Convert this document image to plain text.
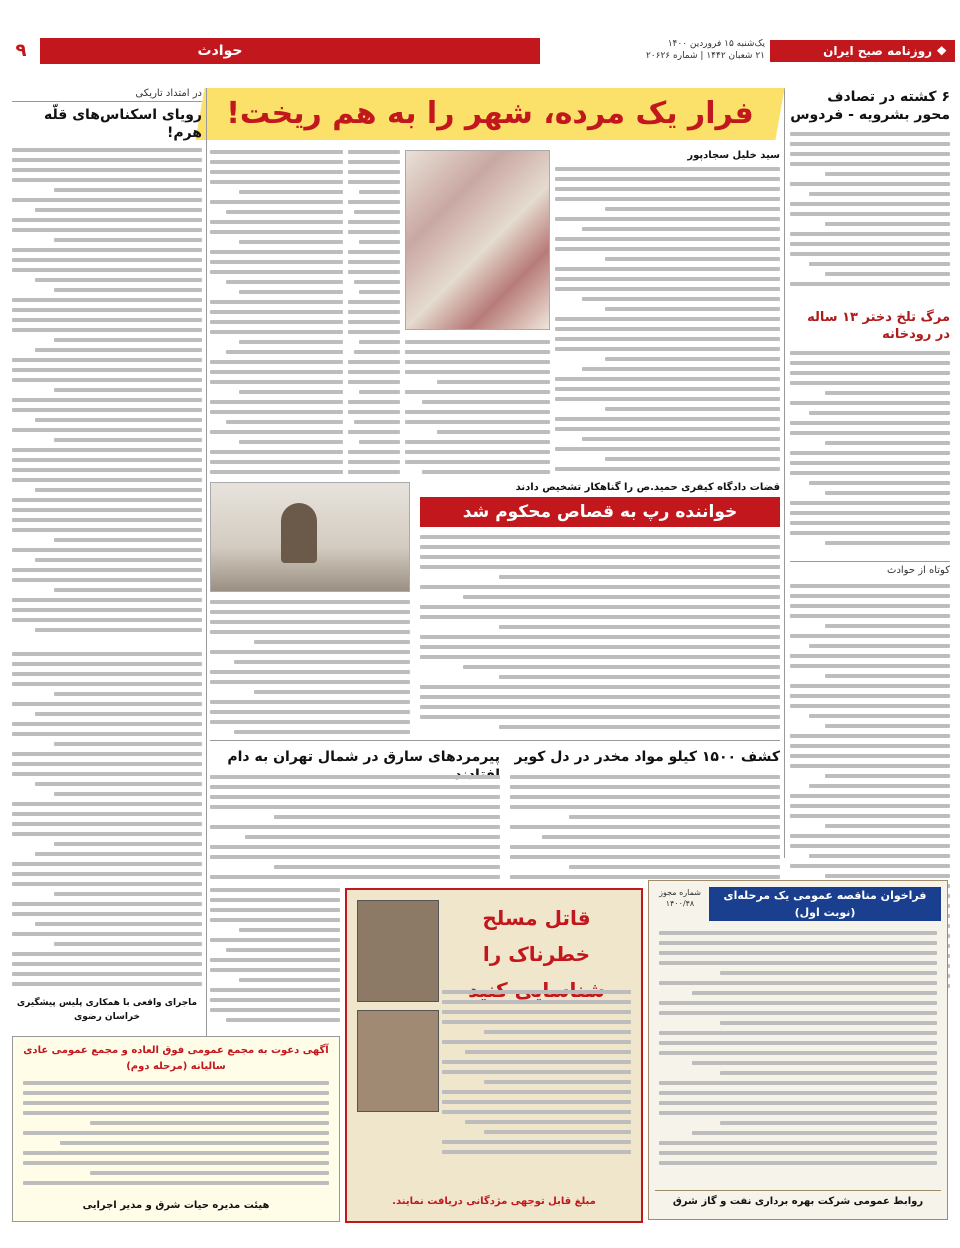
❖ روزنامه صبح ایران
یک‌شنبه ۱۵ فروردین ۱۴۰۰
۲۱ شعبان ۱۴۴۲ | شماره ۲۰۶۲۶
حوادث
۹
۶ کشته در تصادف محور بشرویه - فردوس
مرگ تلخ دختر ۱۳ ساله در رودخانه
کوتاه از حوادث
فرار یک مرده، شهر را به هم ریخت!
سید خلیل سجادپور
قضات دادگاه کیفری حمید.ص را گناهکار تشخیص دادند
خواننده رپ به قصاص محکوم شد
کشف ۱۵۰۰ کیلو مواد مخدر در دل کویر
پیرمردهای سارق در شمال تهران به دام
فراخوان مناقصه عمومی یک مرحله‌ای (نوبت اول)
شماره مجوز ۱۴۰۰/۴۸
روابط عمومی شرکت بهره برداری نفت و گاز شرق
قاتل مسلح خطرناک را
مبلغ قابل توجهی مژدگانی دریافت نمایند.
در امتداد تاریکی
رویای اسکناس‌های قلّه هرم!
ماجرای واقعی با همکاری پلیس پیشگیری خراسان رضوی
آگهی دعوت به مجمع عمومی فوق العاده و مجمع عمومی عادی سالیانه (مرحله دوم)
هیئت مدیره حیات شرق و مدیر اجرایی
